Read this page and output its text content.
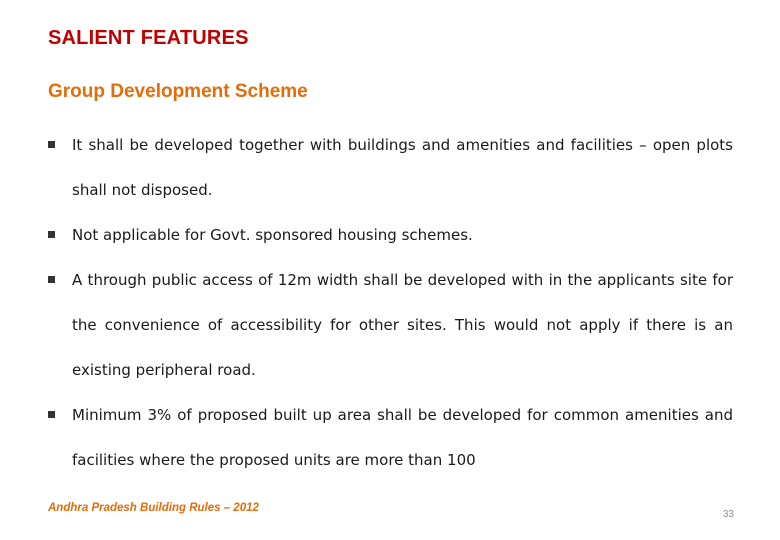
SALIENT FEATURES
Group Development Scheme
It shall be developed together with buildings and amenities and facilities – open plots shall not disposed.
Not applicable for Govt. sponsored housing schemes.
A through public access of 12m width shall be developed with in the applicants site for the convenience of accessibility for other sites. This would not apply if there is an existing peripheral road.
Minimum 3% of proposed built up area shall be developed for common amenities and facilities where the proposed units are more than 100
Andhra Pradesh Building Rules – 2012
33
